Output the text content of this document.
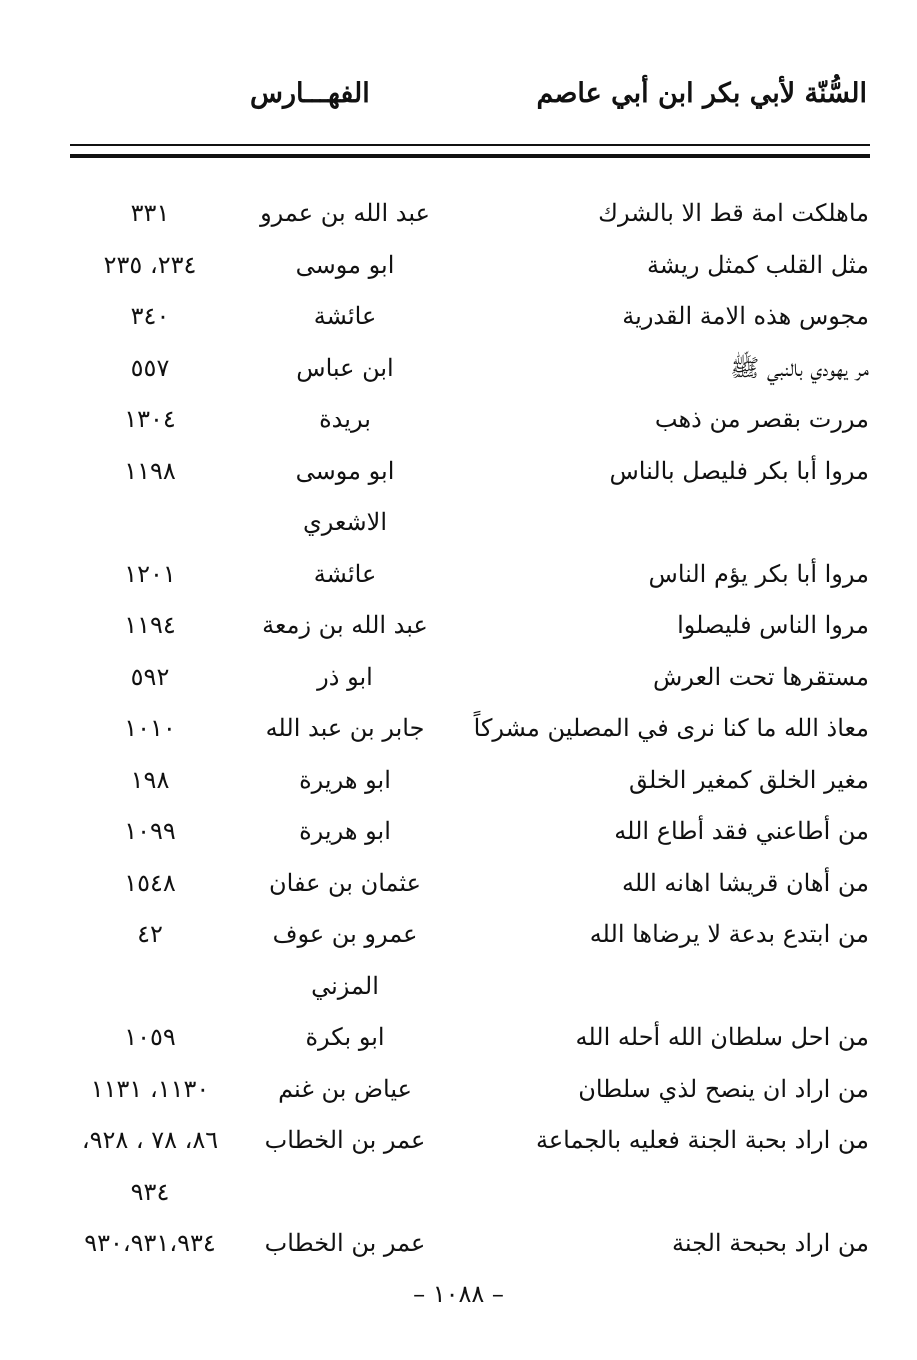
السُّنّة لأبي بكر ابن أبي عاصم
الفهـــارس
ماهلكت امة قط الا بالشرك
عبد الله بن عمرو
٣٣١
مثل القلب كمثل ريشة
ابو موسى
٢٣٤، ٢٣٥
مجوس هذه الامة القدرية
عائشة
٣٤٠
مر يهودي بالنبي ﷺ
ابن عباس
٥٥٧
مررت بقصر من ذهب
بريدة
١٣٠٤
مروا أبا بكر فليصل بالناس
ابو موسى
١١٩٨
الاشعري
مروا أبا بكر يؤم الناس
عائشة
١٢٠١
مروا الناس فليصلوا
عبد الله بن زمعة
١١٩٤
مستقرها تحت العرش
ابو ذر
٥٩٢
معاذ الله ما كنا نرى في المصلين مشركاً
جابر بن عبد الله
١٠١٠
مغير الخلق كمغير الخلق
ابو هريرة
١٩٨
من أطاعني فقد أطاع الله
ابو هريرة
١٠٩٩
من أهان قريشا اهانه الله
عثمان بن عفان
١٥٤٨
من ابتدع بدعة لا يرضاها الله
عمرو بن عوف
٤٢
المزني
من احل سلطان الله أحله الله
ابو بكرة
١٠٥٩
من اراد ان ينصح لذي سلطان
عياض بن غنم
١١٣٠، ١١٣١
من اراد بحبة الجنة فعليه بالجماعة
عمر بن الخطاب
٨٦، ٧٨ ، ٩٢٨،
٩٣٤
من اراد بحبحة الجنة
عمر بن الخطاب
٩٣٠،٩٣١،٩٣٤
– ١٠٨٨ –
